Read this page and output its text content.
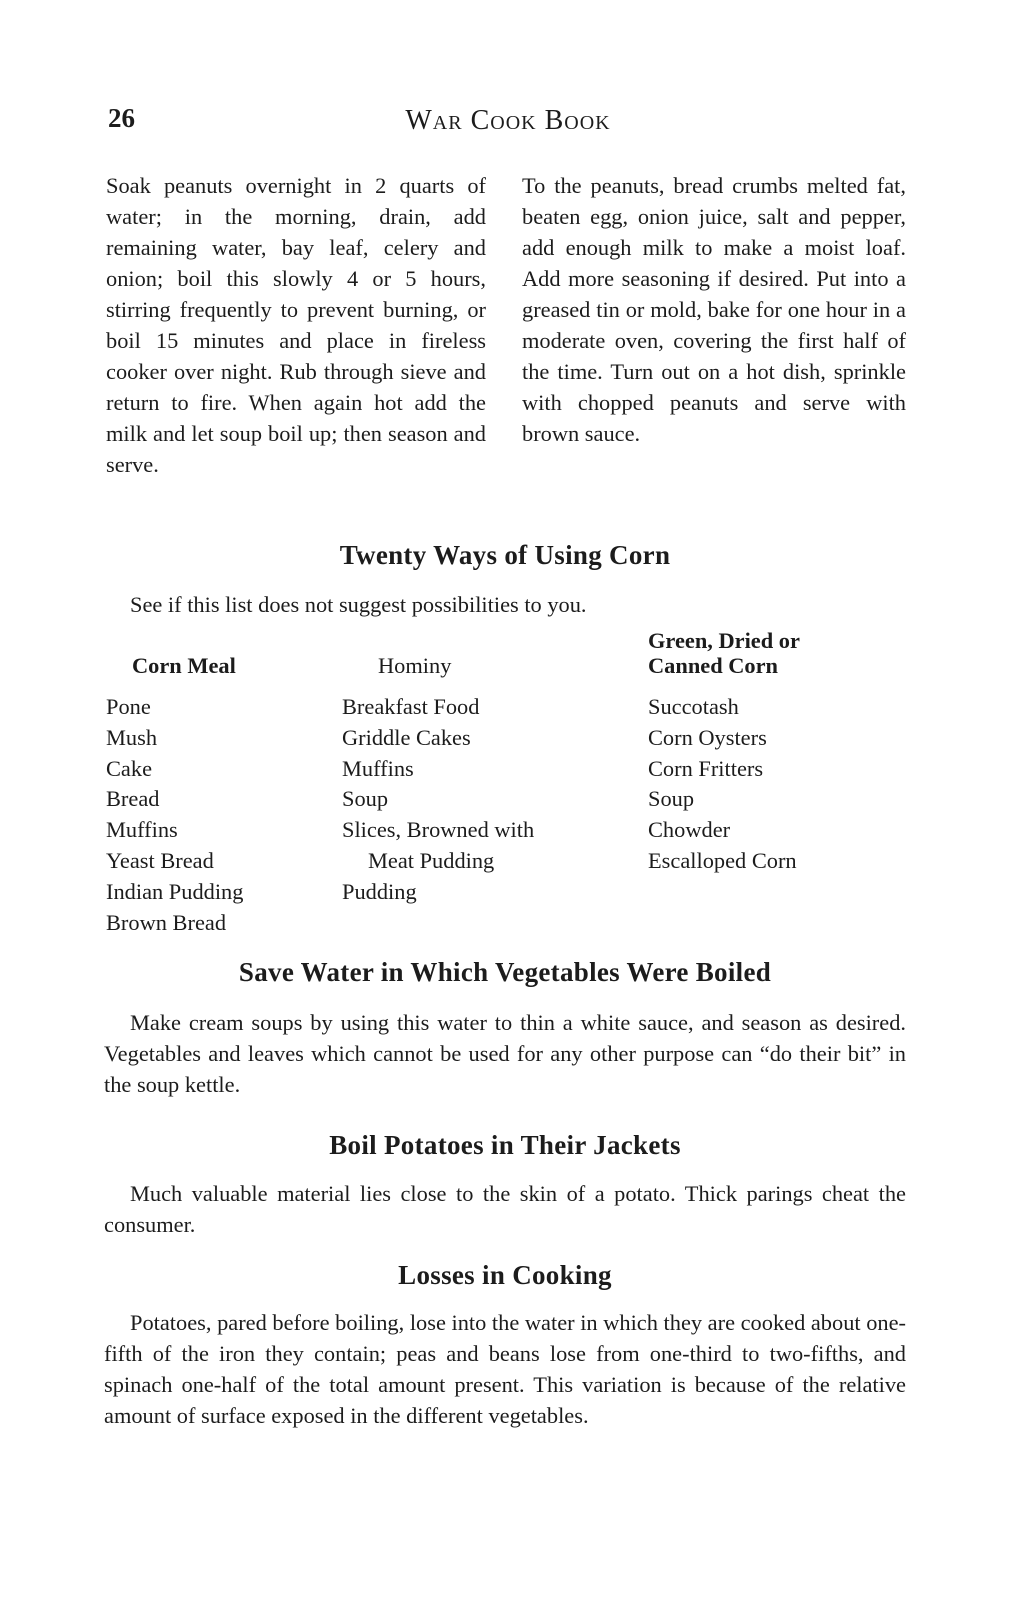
26	War Cook Book
Soak peanuts overnight in 2 quarts of water; in the morning, drain, add remaining water, bay leaf, celery and onion; boil this slowly 4 or 5 hours, stirring frequently to prevent burning, or boil 15 minutes and place in fireless cooker over night. Rub through sieve and return to fire. When again hot add the milk and let soup boil up; then season and serve.
To the peanuts, bread crumbs melted fat, beaten egg, onion juice, salt and pepper, add enough milk to make a moist loaf. Add more seasoning if desired. Put into a greased tin or mold, bake for one hour in a moderate oven, covering the first half of the time. Turn out on a hot dish, sprinkle with chopped peanuts and serve with brown sauce.
Twenty Ways of Using Corn

See if this list does not suggest possibilities to you.

Corn Meal
Pone
Mush
Cake
Bread
Muffins
Yeast Bread
Indian Pudding
Brown Bread
Hominy
Breakfast Food
Griddle Cakes
Muffins
Soup
Slices, Browned with
Meat Pudding
Pudding
Green, Dried or Canned Corn
Succotash
Corn Oysters
Corn Fritters
Soup
Chowder
Escalloped Corn
Save Water in Which Vegetables Were Boiled

Make cream soups by using this water to thin a white sauce, and season as desired. Vegetables and leaves which cannot be used for any other purpose can “do their bit” in the soup kettle.

Boil Potatoes in Their Jackets

Much valuable material lies close to the skin of a potato. Thick parings cheat the consumer.

Losses in Cooking

Potatoes, pared before boiling, lose into the water in which they are cooked about one-fifth of the iron they contain; peas and beans lose from one-third to two-fifths, and spinach one-half of the total amount present. This variation is because of the relative amount of surface exposed in the different vegetables.
